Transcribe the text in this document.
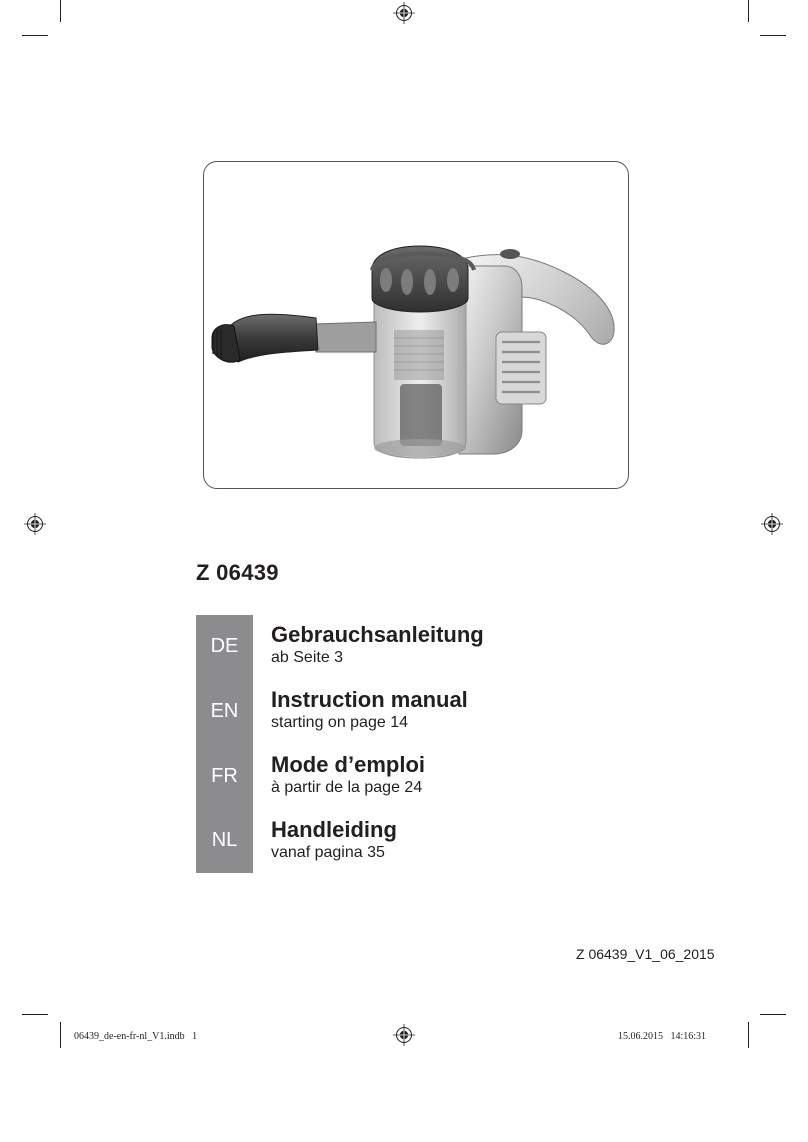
Z 06439
DE
EN
FR
NL
Gebrauchsanleitung
ab Seite 3
Instruction manual
starting on page 14
Mode d’emploi
à partir de la page 24
Handleiding
vanaf pagina 35
Z 06439_V1_06_2015
06439_de-en-fr-nl_V1.indb   1	15.06.2015   14:16:31
